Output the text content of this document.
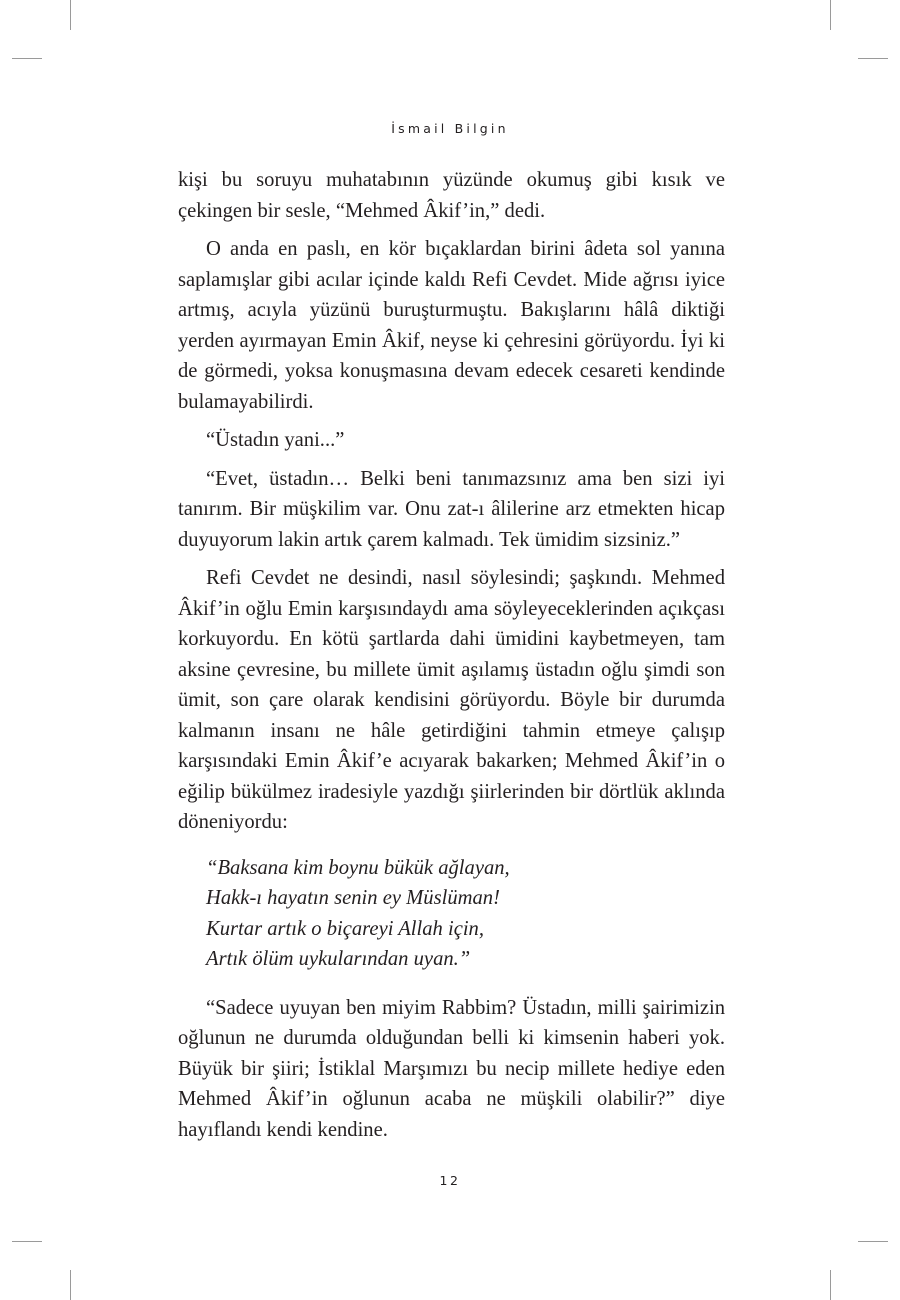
İsmail Bilgin

kişi bu soruyu muhatabının yüzünde okumuş gibi kısık ve çekingen bir sesle, “Mehmed Âkif’in,” dedi.

O anda en paslı, en kör bıçaklardan birini âdeta sol yanına saplamışlar gibi acılar içinde kaldı Refi Cevdet. Mide ağrısı iyice artmış, acıyla yüzünü buruşturmuştu. Bakışlarını hâlâ diktiği yerden ayırmayan Emin Âkif, neyse ki çehresini görüyordu. İyi ki de görmedi, yoksa konuşmasına devam edecek cesareti kendinde bulamayabilirdi.

“Üstadın yani...”

“Evet, üstadın… Belki beni tanımazsınız ama ben sizi iyi tanırım. Bir müşkilim var. Onu zat-ı âlilerine arz etmekten hicap duyuyorum lakin artık çarem kalmadı. Tek ümidim sizsiniz.”

Refi Cevdet ne desindi, nasıl söylesindi; şaşkındı. Mehmed Âkif’in oğlu Emin karşısındaydı ama söyleyeceklerinden açıkçası korkuyordu. En kötü şartlarda dahi ümidini kaybetmeyen, tam aksine çevresine, bu millete ümit aşılamış üstadın oğlu şimdi son ümit, son çare olarak kendisini görüyordu. Böyle bir durumda kalmanın insanı ne hâle getirdiğini tahmin etmeye çalışıp karşısındaki Emin Âkif’e acıyarak bakarken; Mehmed Âkif’in o eğilip bükülmez iradesiyle yazdığı şiirlerinden bir dörtlük aklında döneniyordu:

“Baksana kim boynu bükük ağlayan,
Hakk-ı hayatın senin ey Müslüman!
Kurtar artık o biçareyi Allah için,
Artık ölüm uykularından uyan.”

“Sadece uyuyan ben miyim Rabbim? Üstadın, milli şairimizin oğlunun ne durumda olduğundan belli ki kimsenin haberi yok. Büyük bir şiiri; İstiklal Marşımızı bu necip millete hediye eden Mehmed Âkif’in oğlunun acaba ne müşkili olabilir?” diye hayıflandı kendi kendine.

12
